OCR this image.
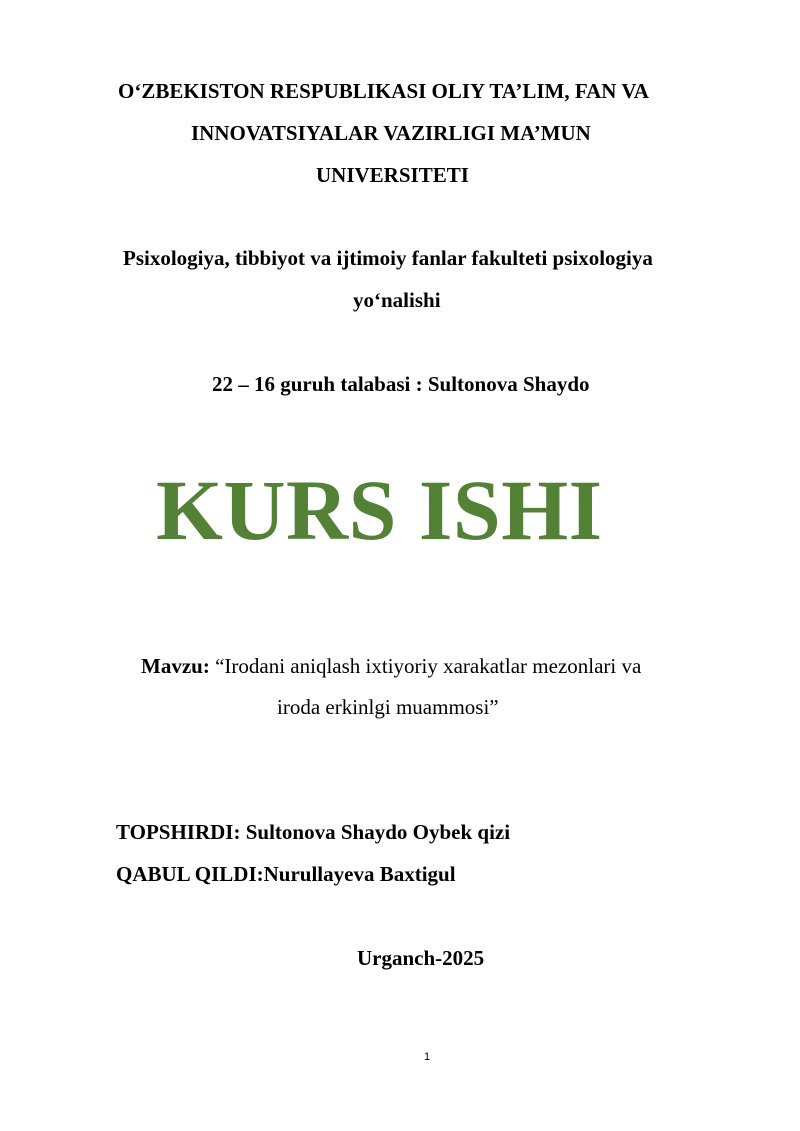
O‘ZBEKISTON RESPUBLIKASI OLIY TA’LIM, FAN VA
INNOVATSIYALAR VAZIRLIGI MA’MUN
UNIVERSITETI
Psixologiya, tibbiyot va ijtimoiy fanlar fakulteti psixologiya
yo‘nalishi
22 – 16 guruh talabasi : Sultonova Shaydo
KURS ISHI
Mavzu: “Irodani aniqlash ixtiyoriy xarakatlar mezonlari va
iroda erkinlgi muammosi”
TOPSHIRDI: Sultonova Shaydo Oybek qizi
QABUL QILDI:Nurullayeva Baxtigul
Urganch-2025
1
